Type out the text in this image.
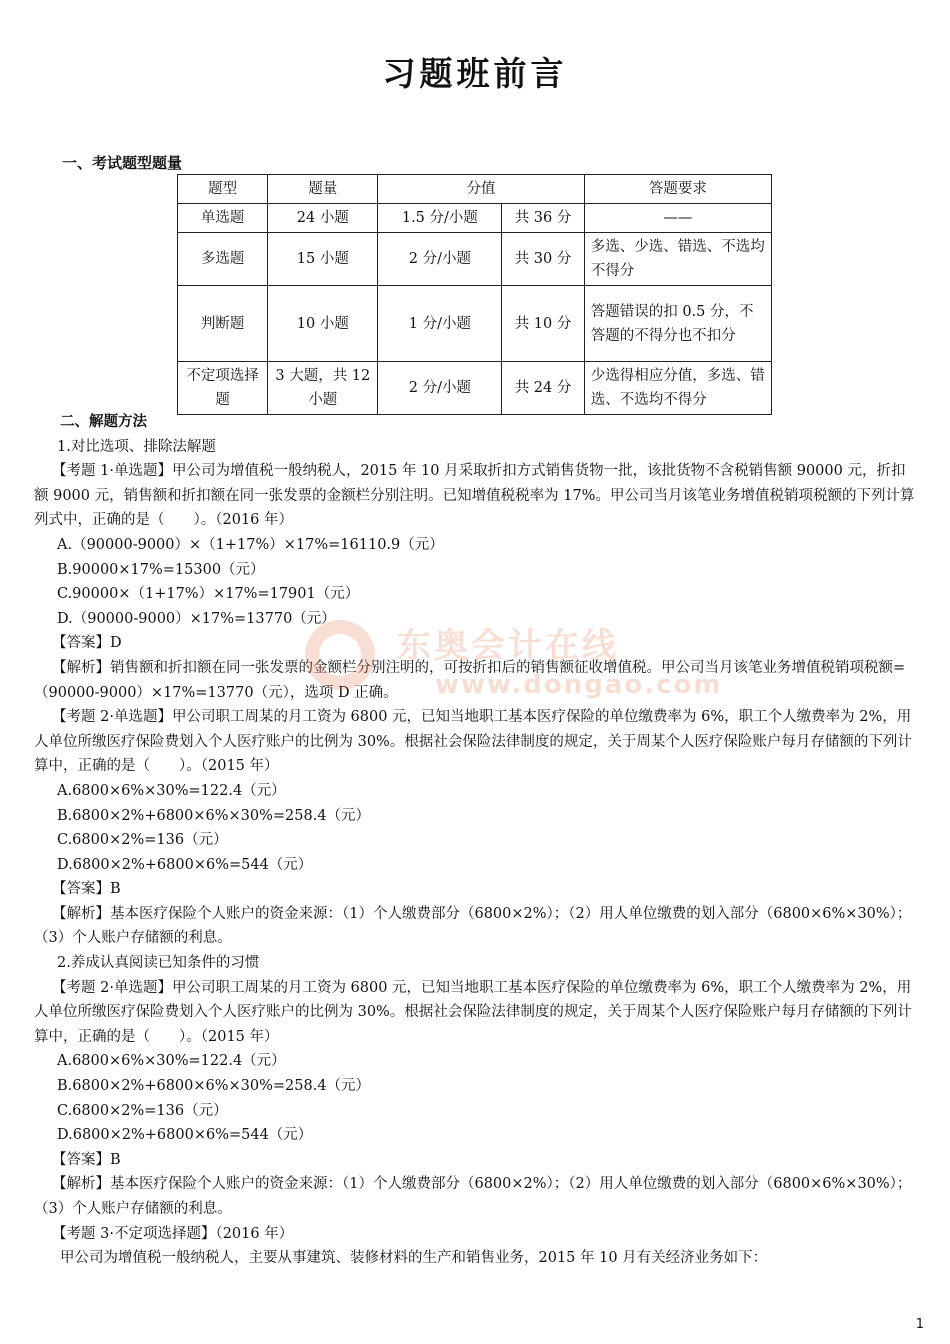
习题班前言
一、考试题型题量
题型	题量	分值		答题要求
单选题	24 小题	1.5 分/小题	共 36 分	——
多选题	15 小题	2 分/小题	共 30 分	多选、少选、错选、不选均不得分
判断题	10 小题	1 分/小题	共 10 分	答题错误的扣 0.5 分，不答题的不得分也不扣分
不定项选择题	3 大题，共 12 小题	2 分/小题	共 24 分	少选得相应分值，多选、错选、不选均不得分

二、解题方法

1.对比选项、排除法解题

【考题 1·单选题】甲公司为增值税一般纳税人，2015 年 10 月采取折扣方式销售货物一批，该批货物不含税销售额 90000 元，折扣额 9000 元，销售额和折扣额在同一张发票的金额栏分别注明。已知增值税税率为 17%。甲公司当月该笔业务增值税销项税额的下列计算列式中，正确的是（　　）。（2016 年）

A.（90000-9000）×（1+17%）×17%=16110.9（元）

B.90000×17%=15300（元）

C.90000×（1+17%）×17%=17901（元）

D.（90000-9000）×17%=13770（元）

【答案】D

【解析】销售额和折扣额在同一张发票的金额栏分别注明的，可按折扣后的销售额征收增值税。甲公司当月该笔业务增值税销项税额=（90000-9000）×17%=13770（元），选项 D 正确。

【考题 2·单选题】甲公司职工周某的月工资为 6800 元，已知当地职工基本医疗保险的单位缴费率为 6%，职工个人缴费率为 2%，用人单位所缴医疗保险费划入个人医疗账户的比例为 30%。根据社会保险法律制度的规定，关于周某个人医疗保险账户每月存储额的下列计算中，正确的是（　　）。（2015 年）

A.6800×6%×30%=122.4（元）

B.6800×2%+6800×6%×30%=258.4（元）

C.6800×2%=136（元）

D.6800×2%+6800×6%=544（元）

【答案】B

【解析】基本医疗保险个人账户的资金来源：（1）个人缴费部分（6800×2%）；（2）用人单位缴费的划入部分（6800×6%×30%）；（3）个人账户存储额的利息。

2.养成认真阅读已知条件的习惯

【考题 2·单选题】甲公司职工周某的月工资为 6800 元，已知当地职工基本医疗保险的单位缴费率为 6%，职工个人缴费率为 2%，用人单位所缴医疗保险费划入个人医疗账户的比例为 30%。根据社会保险法律制度的规定，关于周某个人医疗保险账户每月存储额的下列计算中，正确的是（　　）。（2015 年）

A.6800×6%×30%=122.4（元）

B.6800×2%+6800×6%×30%=258.4（元）

C.6800×2%=136（元）

D.6800×2%+6800×6%=544（元）

【答案】B

【解析】基本医疗保险个人账户的资金来源：（1）个人缴费部分（6800×2%）；（2）用人单位缴费的划入部分（6800×6%×30%）；（3）个人账户存储额的利息。

【考题 3·不定项选择题】（2016 年）

甲公司为增值税一般纳税人，主要从事建筑、装修材料的生产和销售业务，2015 年 10 月有关经济业务如下：

东奥会计在线
www.dongao.com
1
